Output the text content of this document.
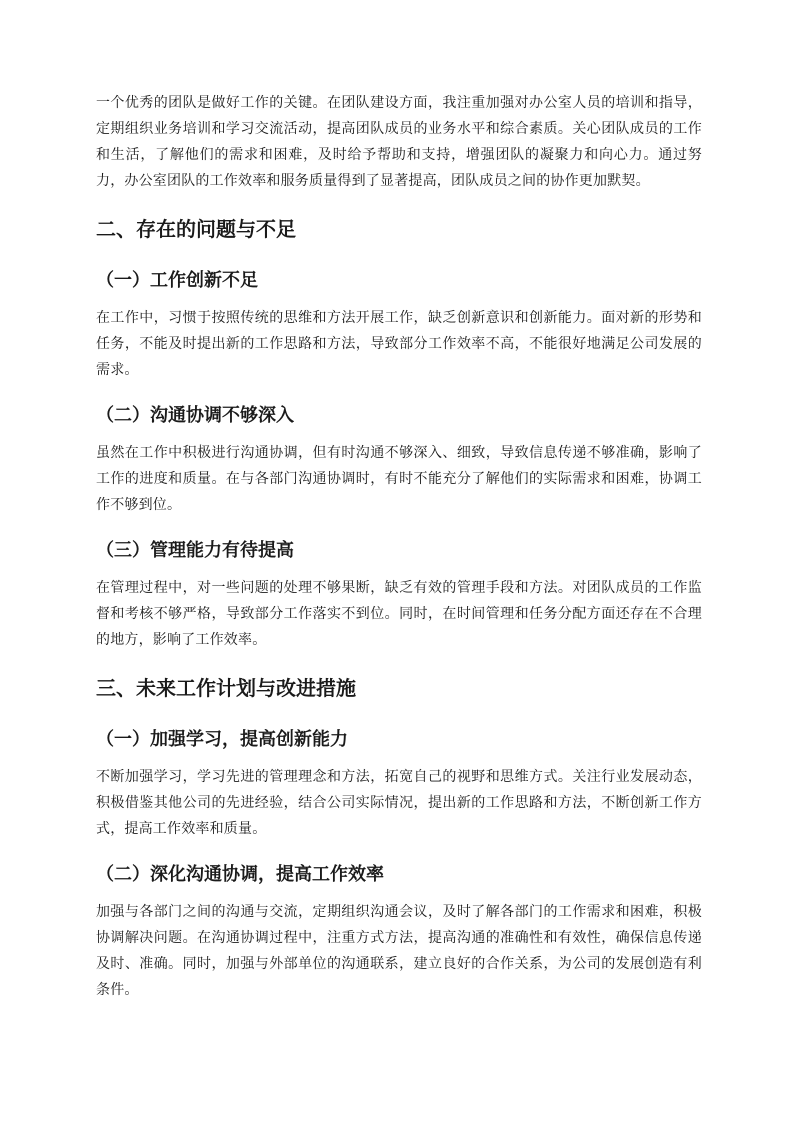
一个优秀的团队是做好工作的关键。在团队建设方面，我注重加强对办公室人员的培训和指导，定期组织业务培训和学习交流活动，提高团队成员的业务水平和综合素质。关心团队成员的工作和生活，了解他们的需求和困难，及时给予帮助和支持，增强团队的凝聚力和向心力。通过努力，办公室团队的工作效率和服务质量得到了显著提高，团队成员之间的协作更加默契。

二、存在的问题与不足
（一）工作创新不足

在工作中，习惯于按照传统的思维和方法开展工作，缺乏创新意识和创新能力。面对新的形势和任务，不能及时提出新的工作思路和方法，导致部分工作效率不高，不能很好地满足公司发展的需求。

（二）沟通协调不够深入

虽然在工作中积极进行沟通协调，但有时沟通不够深入、细致，导致信息传递不够准确，影响了工作的进度和质量。在与各部门沟通协调时，有时不能充分了解他们的实际需求和困难，协调工作不够到位。

（三）管理能力有待提高

在管理过程中，对一些问题的处理不够果断，缺乏有效的管理手段和方法。对团队成员的工作监督和考核不够严格，导致部分工作落实不到位。同时，在时间管理和任务分配方面还存在不合理的地方，影响了工作效率。

三、未来工作计划与改进措施
（一）加强学习，提高创新能力

不断加强学习，学习先进的管理理念和方法，拓宽自己的视野和思维方式。关注行业发展动态，积极借鉴其他公司的先进经验，结合公司实际情况，提出新的工作思路和方法，不断创新工作方式，提高工作效率和质量。

（二）深化沟通协调，提高工作效率

加强与各部门之间的沟通与交流，定期组织沟通会议，及时了解各部门的工作需求和困难，积极协调解决问题。在沟通协调过程中，注重方式方法，提高沟通的准确性和有效性，确保信息传递及时、准确。同时，加强与外部单位的沟通联系，建立良好的合作关系，为公司的发展创造有利条件。
